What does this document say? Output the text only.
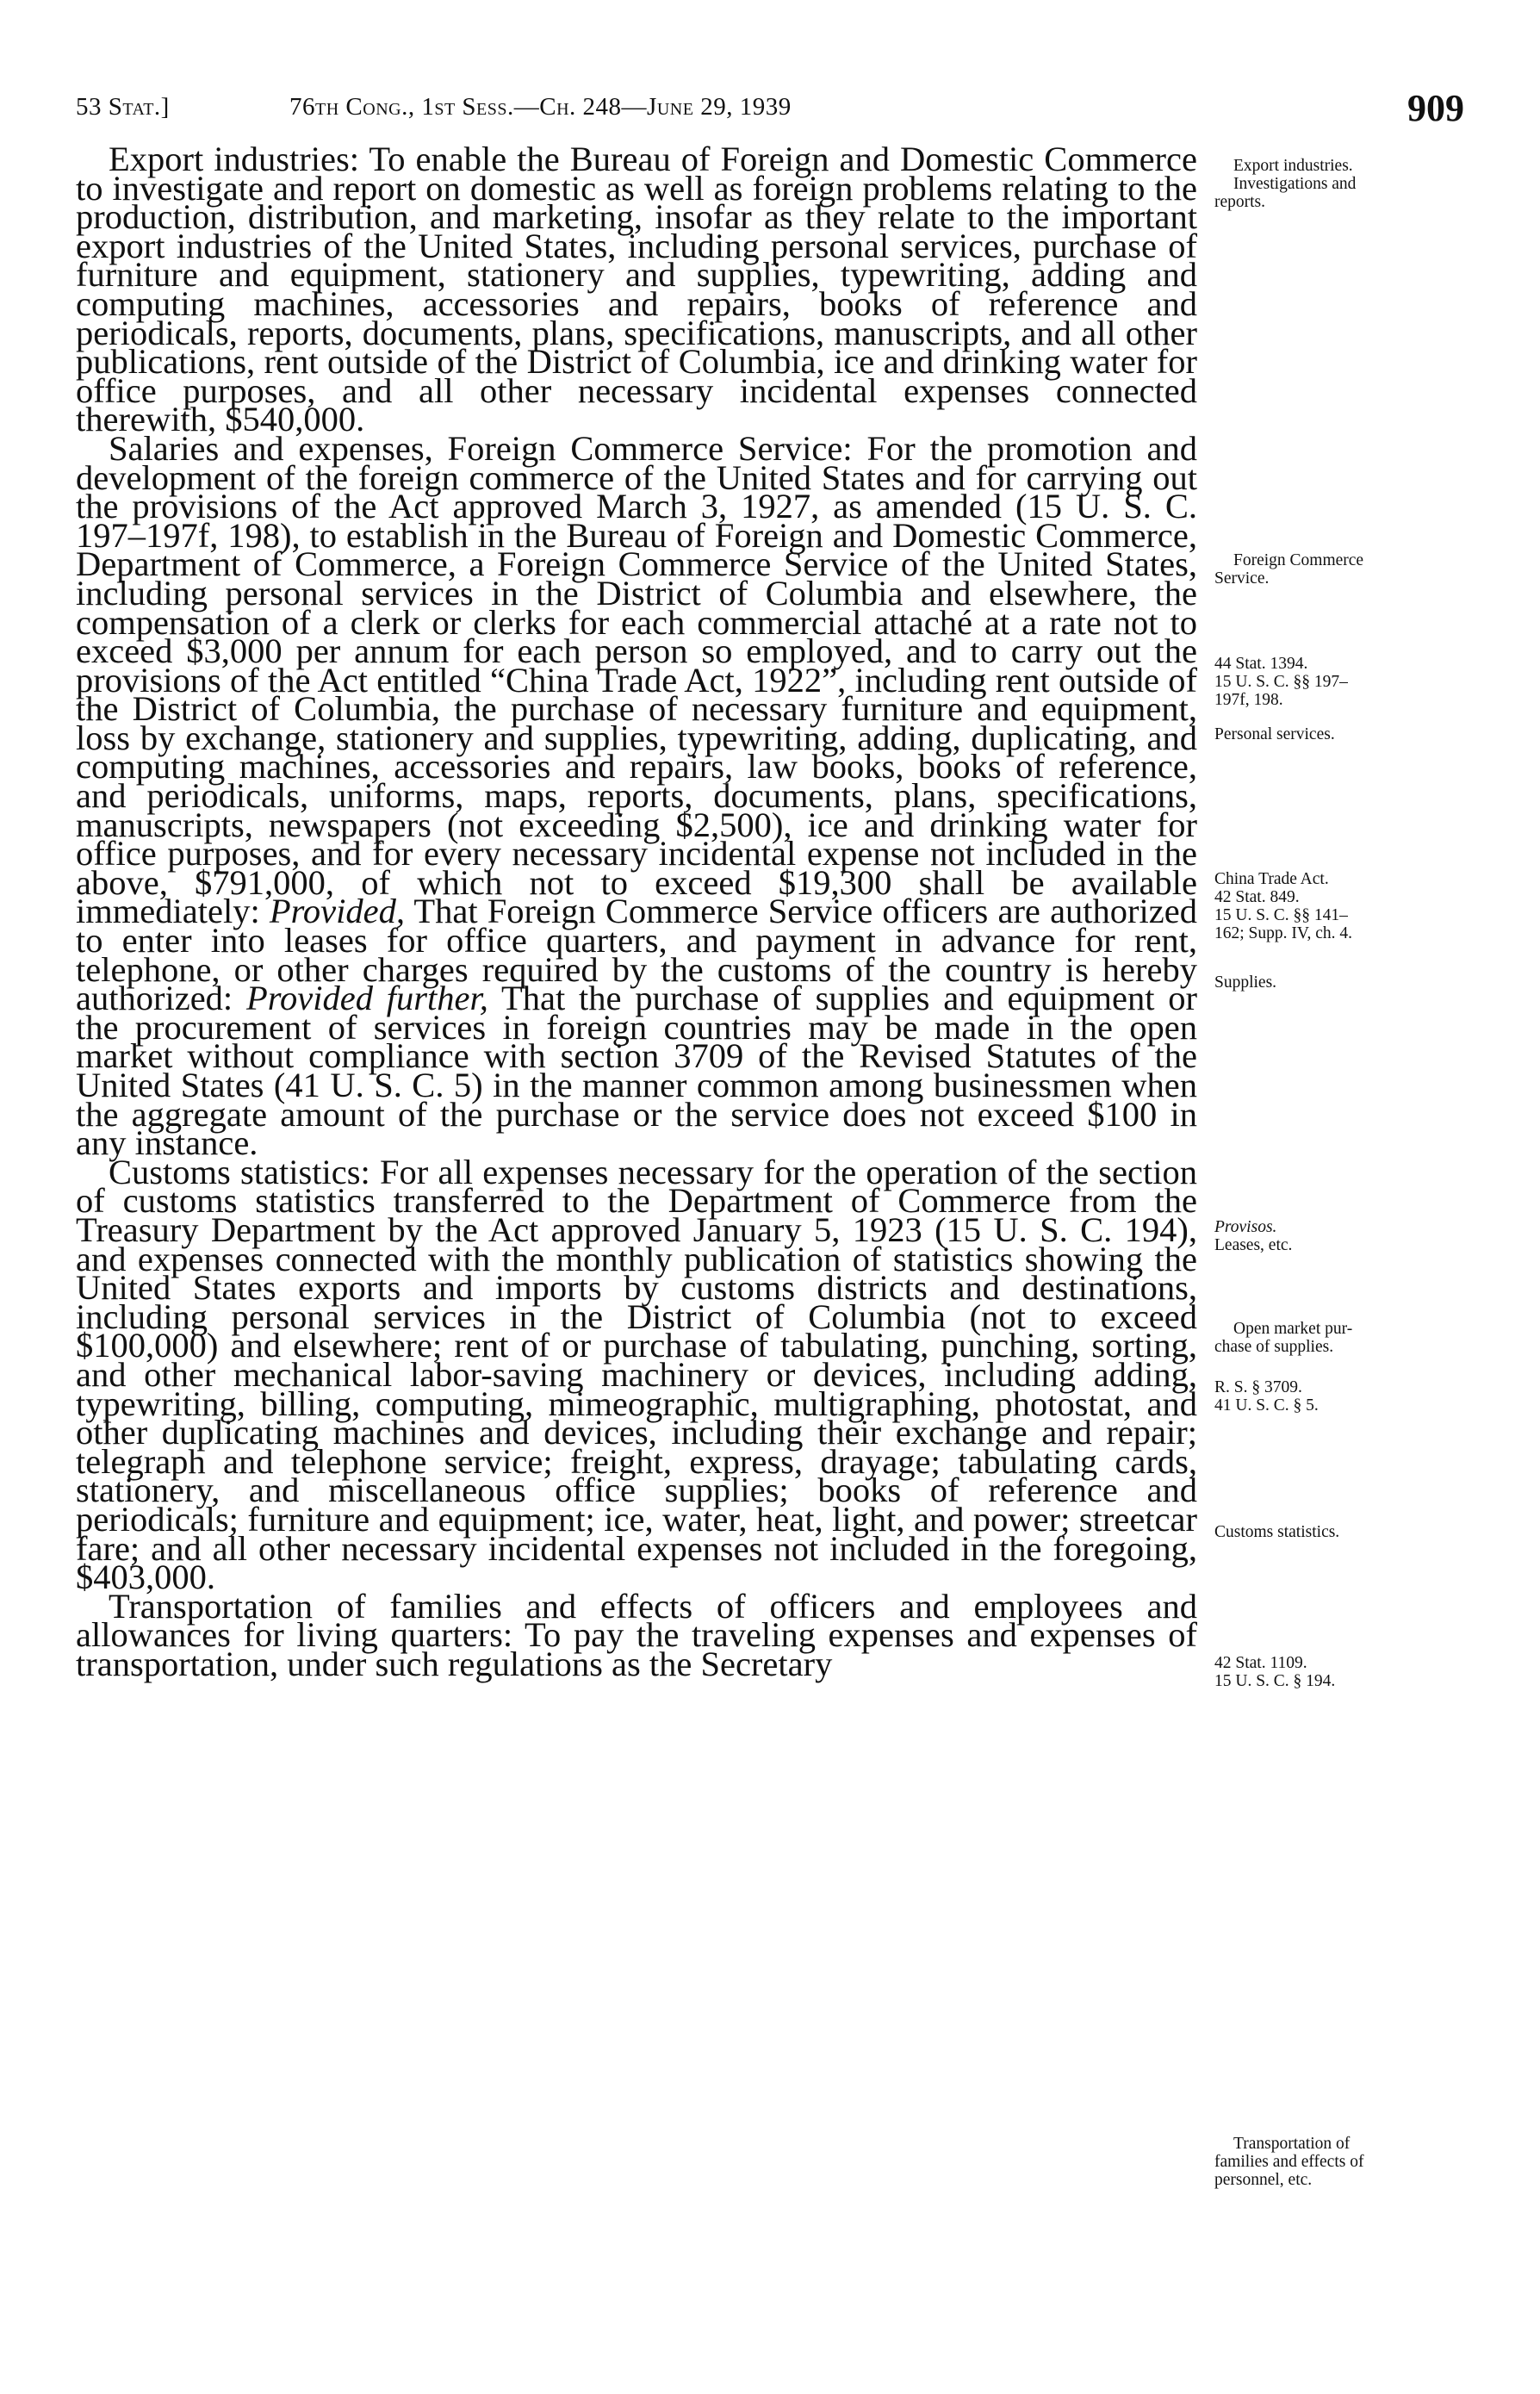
53 Stat.]	76th Cong., 1st Sess.—Ch. 248—June 29, 1939	909

Export industries: To enable the Bureau of Foreign and Domestic Commerce to investigate and report on domestic as well as foreign problems relating to the production, distribution, and marketing, insofar as they relate to the important export industries of the United States, including personal services, purchase of furniture and equipment, stationery and supplies, typewriting, adding and computing machines, accessories and repairs, books of reference and periodicals, reports, documents, plans, specifications, manuscripts, and all other publications, rent outside of the District of Columbia, ice and drinking water for office purposes, and all other necessary incidental expenses connected therewith, $540,000.

Salaries and expenses, Foreign Commerce Service: For the promotion and development of the foreign commerce of the United States and for carrying out the provisions of the Act approved March 3, 1927, as amended (15 U. S. C. 197–197f, 198), to establish in the Bureau of Foreign and Domestic Commerce, Department of Commerce, a Foreign Commerce Service of the United States, including personal services in the District of Columbia and elsewhere, the compensation of a clerk or clerks for each commercial attaché at a rate not to exceed $3,000 per annum for each person so employed, and to carry out the provisions of the Act entitled “China Trade Act, 1922”, including rent outside of the District of Columbia, the purchase of necessary furniture and equipment, loss by exchange, stationery and supplies, typewriting, adding, duplicating, and computing machines, accessories and repairs, law books, books of reference, and periodicals, uniforms, maps, reports, documents, plans, specifications, manuscripts, newspapers (not exceeding $2,500), ice and drinking water for office purposes, and for every necessary incidental expense not included in the above, $791,000, of which not to exceed $19,300 shall be available immediately: Provided, That Foreign Commerce Service officers are authorized to enter into leases for office quarters, and payment in advance for rent, telephone, or other charges required by the customs of the country is hereby authorized: Provided further, That the purchase of supplies and equipment or the procurement of services in foreign countries may be made in the open market without compliance with section 3709 of the Revised Statutes of the United States (41 U. S. C. 5) in the manner common among businessmen when the aggregate amount of the purchase or the service does not exceed $100 in any instance.

Customs statistics: For all expenses necessary for the operation of the section of customs statistics transferred to the Department of Commerce from the Treasury Department by the Act approved January 5, 1923 (15 U. S. C. 194), and expenses connected with the monthly publication of statistics showing the United States exports and imports by customs districts and destinations, including personal services in the District of Columbia (not to exceed $100,000) and elsewhere; rent of or purchase of tabulating, punching, sorting, and other mechanical labor-saving machinery or devices, including adding, typewriting, billing, computing, mimeographic, multigraphing, photostat, and other duplicating machines and devices, including their exchange and repair; telegraph and telephone service; freight, express, drayage; tabulating cards, stationery, and miscellaneous office supplies; books of reference and periodicals; furniture and equipment; ice, water, heat, light, and power; streetcar fare; and all other necessary incidental expenses not included in the foregoing, $403,000.

Transportation of families and effects of officers and employees and allowances for living quarters: To pay the traveling expenses and expenses of transportation, under such regulations as the Secretary

Export industries.
Investigations and
reports.
Foreign Commerce
Service.
44 Stat. 1394.
15 U. S. C. §§ 197–
197f, 198.
Personal services.
China Trade Act.
42 Stat. 849.
15 U. S. C. §§ 141–
162; Supp. IV, ch. 4.
Supplies.
Provisos.
Leases, etc.
Open market pur-
chase of supplies.
R. S. § 3709.
41 U. S. C. § 5.
Customs statistics.
42 Stat. 1109.
15 U. S. C. § 194.
Transportation of
families and effects of
personnel, etc.
